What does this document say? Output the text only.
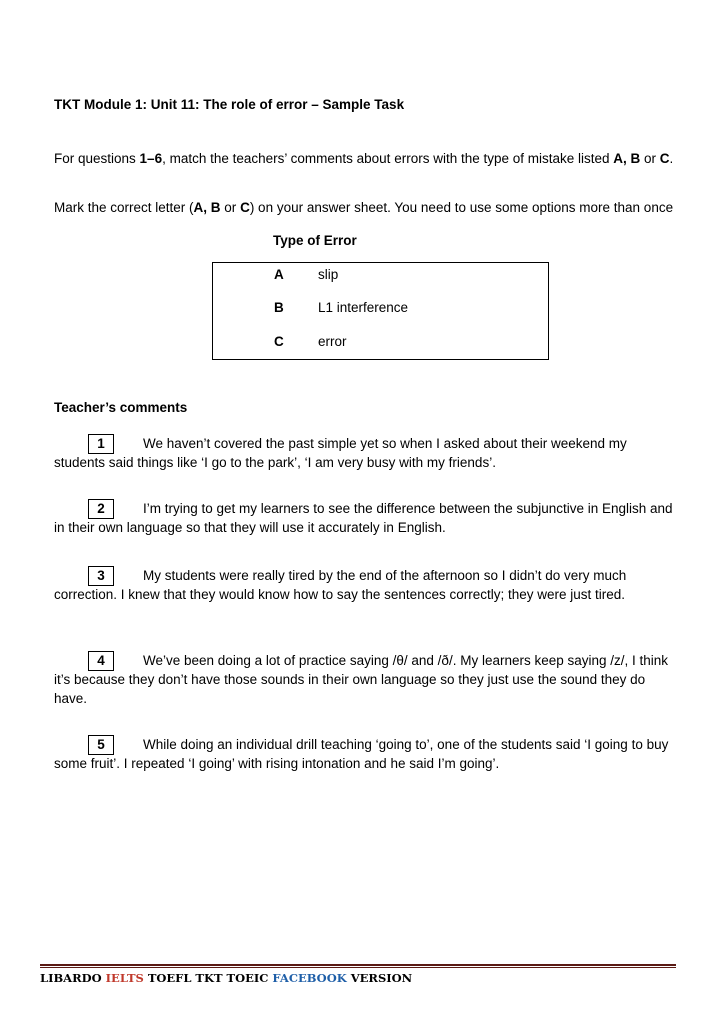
TKT Module 1: Unit 11: The role of error – Sample Task
For questions 1–6, match the teachers’ comments about errors with the type of mistake listed A, B or C.
Mark the correct letter (A, B or C) on your answer sheet. You need to use some options more than once
Type of Error
A	slip
B	L1 interference
C	error
Teacher’s comments
1	We haven’t covered the past simple yet so when I asked about their weekend my students said things like ‘I go to the park’, ‘I am very busy with my friends’.
2	I’m trying to get my learners to see the difference between the subjunctive in English and in their own language so that they will use it accurately in English.
3	My students were really tired by the end of the afternoon so I didn’t do very much correction. I knew that they would know how to say the sentences correctly; they were just tired.
4	We’ve been doing a lot of practice saying /θ/ and /ð/. My learners keep saying /z/, I think it’s because they don’t have those sounds in their own language so they just use the sound they do have.
5	While doing an individual drill teaching ‘going to’, one of the students said ‘I going to buy some fruit’. I repeated ‘I going’ with rising intonation and he said I’m going’.
LIBARDO IELTS TOEFL TKT TOEIC FACEBOOK VERSION
